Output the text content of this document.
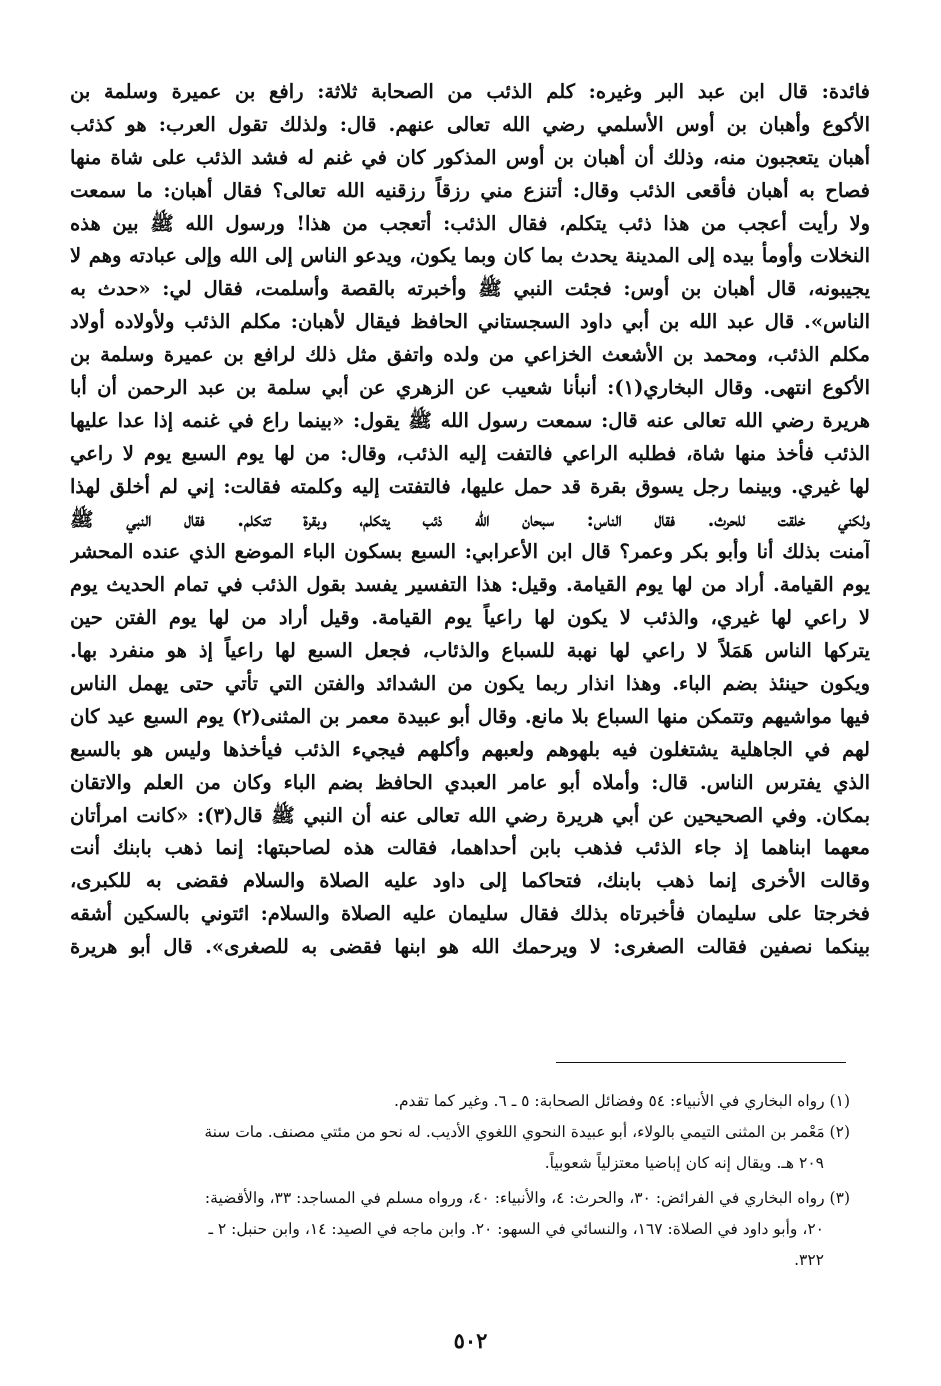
فائدة: قال ابن عبد البر وغيره: كلم الذئب من الصحابة ثلاثة: رافع بن عميرة وسلمة بن
الأكوع وأهبان بن أوس الأسلمي رضي الله تعالى عنهم. قال: ولذلك تقول العرب: هو كذئب
أهبان يتعجبون منه، وذلك أن أهبان بن أوس المذكور كان في غنم له فشد الذئب على شاة منها
فصاح به أهبان فأقعى الذئب وقال: أتنزع مني رزقاً رزقنيه الله تعالى؟ فقال أهبان: ما سمعت
ولا رأيت أعجب من هذا ذئب يتكلم، فقال الذئب: أتعجب من هذا! ورسول الله ﷺ بين هذه
النخلات وأومأ بيده إلى المدينة يحدث بما كان وبما يكون، ويدعو الناس إلى الله وإلى عبادته وهم لا
يجيبونه، قال أهبان بن أوس: فجئت النبي ﷺ وأخبرته بالقصة وأسلمت، فقال لي: «حدث به
الناس». قال عبد الله بن أبي داود السجستاني الحافظ فيقال لأهبان: مكلم الذئب ولأولاده أولاد
مكلم الذئب، ومحمد بن الأشعث الخزاعي من ولده واتفق مثل ذلك لرافع بن عميرة وسلمة بن
الأكوع انتهى. وقال البخاري(١): أنبأنا شعيب عن الزهري عن أبي سلمة بن عبد الرحمن أن أبا
هريرة رضي الله تعالى عنه قال: سمعت رسول الله ﷺ يقول: «بينما راع في غنمه إذا عدا عليها
الذئب فأخذ منها شاة، فطلبه الراعي فالتفت إليه الذئب، وقال: من لها يوم السبع يوم لا راعي
لها غيري. وبينما رجل يسوق بقرة قد حمل عليها، فالتفتت إليه وكلمته فقالت: إني لم أخلق لهذا
ولكني خلقت للحرث. فقال الناس: سبحان الله ذئب يتكلم، وبقرة تتكلم. فقال النبي ﷺ
آمنت بذلك أنا وأبو بكر وعمر؟ قال ابن الأعرابي: السبع بسكون الباء الموضع الذي عنده المحشر
يوم القيامة. أراد من لها يوم القيامة. وقيل: هذا التفسير يفسد بقول الذئب في تمام الحديث يوم
لا راعي لها غيري، والذئب لا يكون لها راعياً يوم القيامة. وقيل أراد من لها يوم الفتن حين
يتركها الناس هَمَلاً لا راعي لها نهبة للسباع والذئاب، فجعل السبع لها راعياً إذ هو منفرد بها.
ويكون حينئذ بضم الباء. وهذا انذار ربما يكون من الشدائد والفتن التي تأتي حتى يهمل الناس
فيها مواشيهم وتتمكن منها السباع بلا مانع. وقال أبو عبيدة معمر بن المثنى(٢) يوم السبع عيد كان
لهم في الجاهلية يشتغلون فيه بلهوهم ولعبهم وأكلهم فيجيء الذئب فيأخذها وليس هو بالسبع
الذي يفترس الناس. قال: وأملاه أبو عامر العبدي الحافظ بضم الباء وكان من العلم والاتقان
بمكان. وفي الصحيحين عن أبي هريرة رضي الله تعالى عنه أن النبي ﷺ قال(٣): «كانت امرأتان
معهما ابناهما إذ جاء الذئب فذهب بابن أحداهما، فقالت هذه لصاحبتها: إنما ذهب بابنك أنت
وقالت الأخرى إنما ذهب بابنك، فتحاكما إلى داود عليه الصلاة والسلام فقضى به للكبرى،
فخرجتا على سليمان فأخبرتاه بذلك فقال سليمان عليه الصلاة والسلام: ائتوني بالسكين أشقه
بينكما نصفين فقالت الصغرى: لا ويرحمك الله هو ابنها فقضى به للصغرى». قال أبو هريرة
(١) رواه البخاري في الأنبياء: ٥٤ وفضائل الصحابة: ٥ ـ ٦. وغير كما تقدم.
(٢) مَعْمر بن المثنى التيمي بالولاء، أبو عبيدة النحوي اللغوي الأديب. له نحو من مئتي مصنف. مات سنة
٢٠٩ هـ. ويقال إنه كان إباضيا معتزلياً شعوبياً.
(٣) رواه البخاري في الفرائض: ٣٠، والحرث: ٤، والأنبياء: ٤٠، ورواه مسلم في المساجد: ٣٣، والأقضية:
٢٠، وأبو داود في الصلاة: ١٦٧، والنسائي في السهو: ٢٠. وابن ماجه في الصيد: ١٤، وابن حنبل: ٢ ـ
٣٢٢.
٥٠٢
